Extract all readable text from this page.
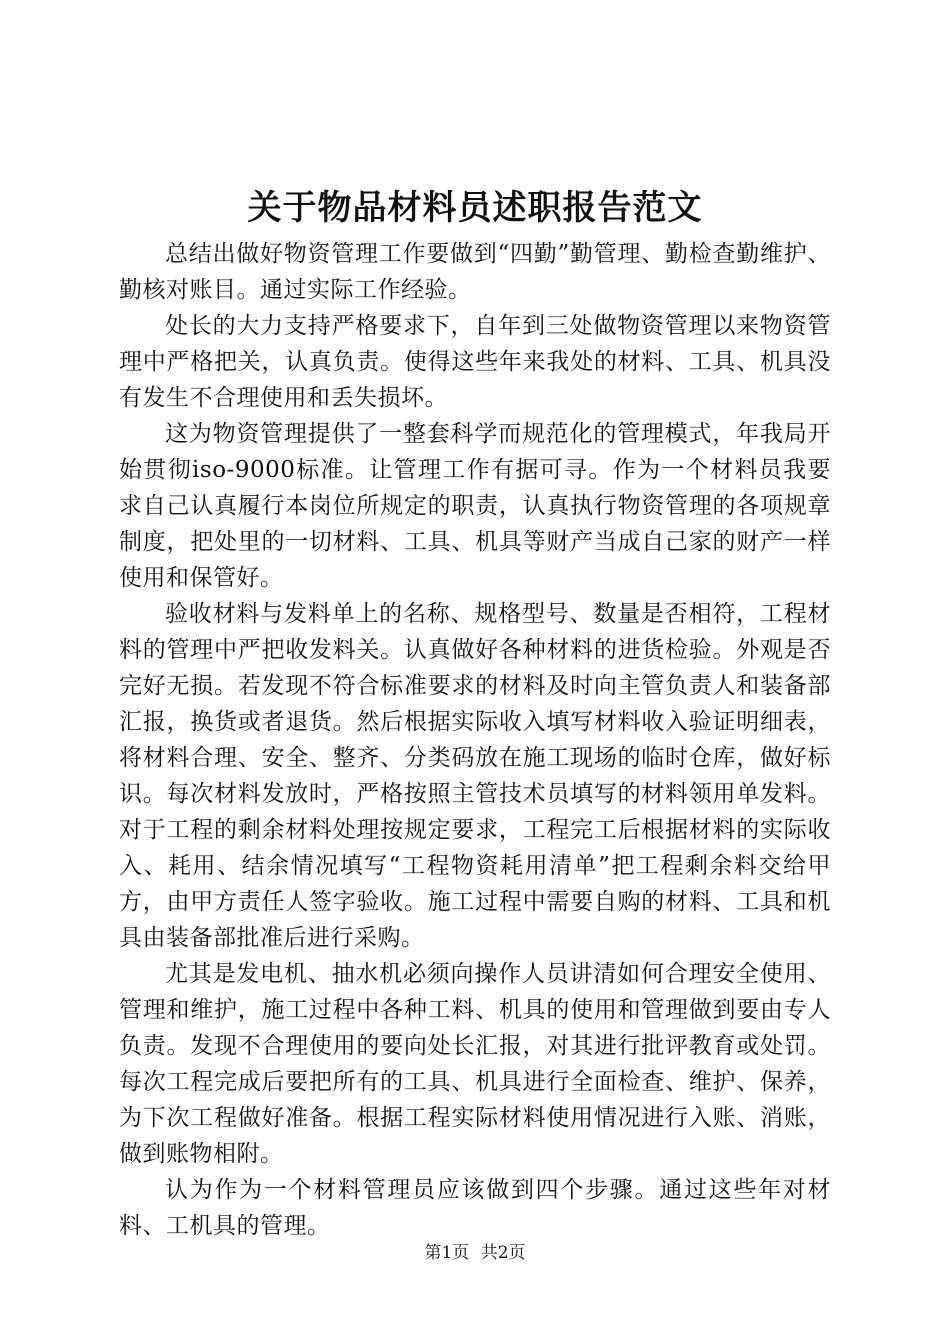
关于物品材料员述职报告范文

总结出做好物资管理工作要做到“四勤”勤管理、勤检查勤维护、勤核对账目。通过实际工作经验。

处长的大力支持严格要求下，自年到三处做物资管理以来物资管理中严格把关，认真负责。使得这些年来我处的材料、工具、机具没有发生不合理使用和丢失损坏。

这为物资管理提供了一整套科学而规范化的管理模式，年我局开始贯彻iso-9000标准。让管理工作有据可寻。作为一个材料员我要求自己认真履行本岗位所规定的职责，认真执行物资管理的各项规章制度，把处里的一切材料、工具、机具等财产当成自己家的财产一样使用和保管好。

验收材料与发料单上的名称、规格型号、数量是否相符，工程材料的管理中严把收发料关。认真做好各种材料的进货检验。外观是否完好无损。若发现不符合标准要求的材料及时向主管负责人和装备部汇报，换货或者退货。然后根据实际收入填写材料收入验证明细表，将材料合理、安全、整齐、分类码放在施工现场的临时仓库，做好标识。每次材料发放时，严格按照主管技术员填写的材料领用单发料。对于工程的剩余材料处理按规定要求，工程完工后根据材料的实际收入、耗用、结余情况填写“工程物资耗用清单”把工程剩余料交给甲方，由甲方责任人签字验收。施工过程中需要自购的材料、工具和机具由装备部批准后进行采购。

尤其是发电机、抽水机必须向操作人员讲清如何合理安全使用、管理和维护，施工过程中各种工料、机具的使用和管理做到要由专人负责。发现不合理使用的要向处长汇报，对其进行批评教育或处罚。每次工程完成后要把所有的工具、机具进行全面检查、维护、保养，为下次工程做好准备。根据工程实际材料使用情况进行入账、消账，做到账物相附。

认为作为一个材料管理员应该做到四个步骤。通过这些年对材料、工机具的管理。

第1页 共2页
